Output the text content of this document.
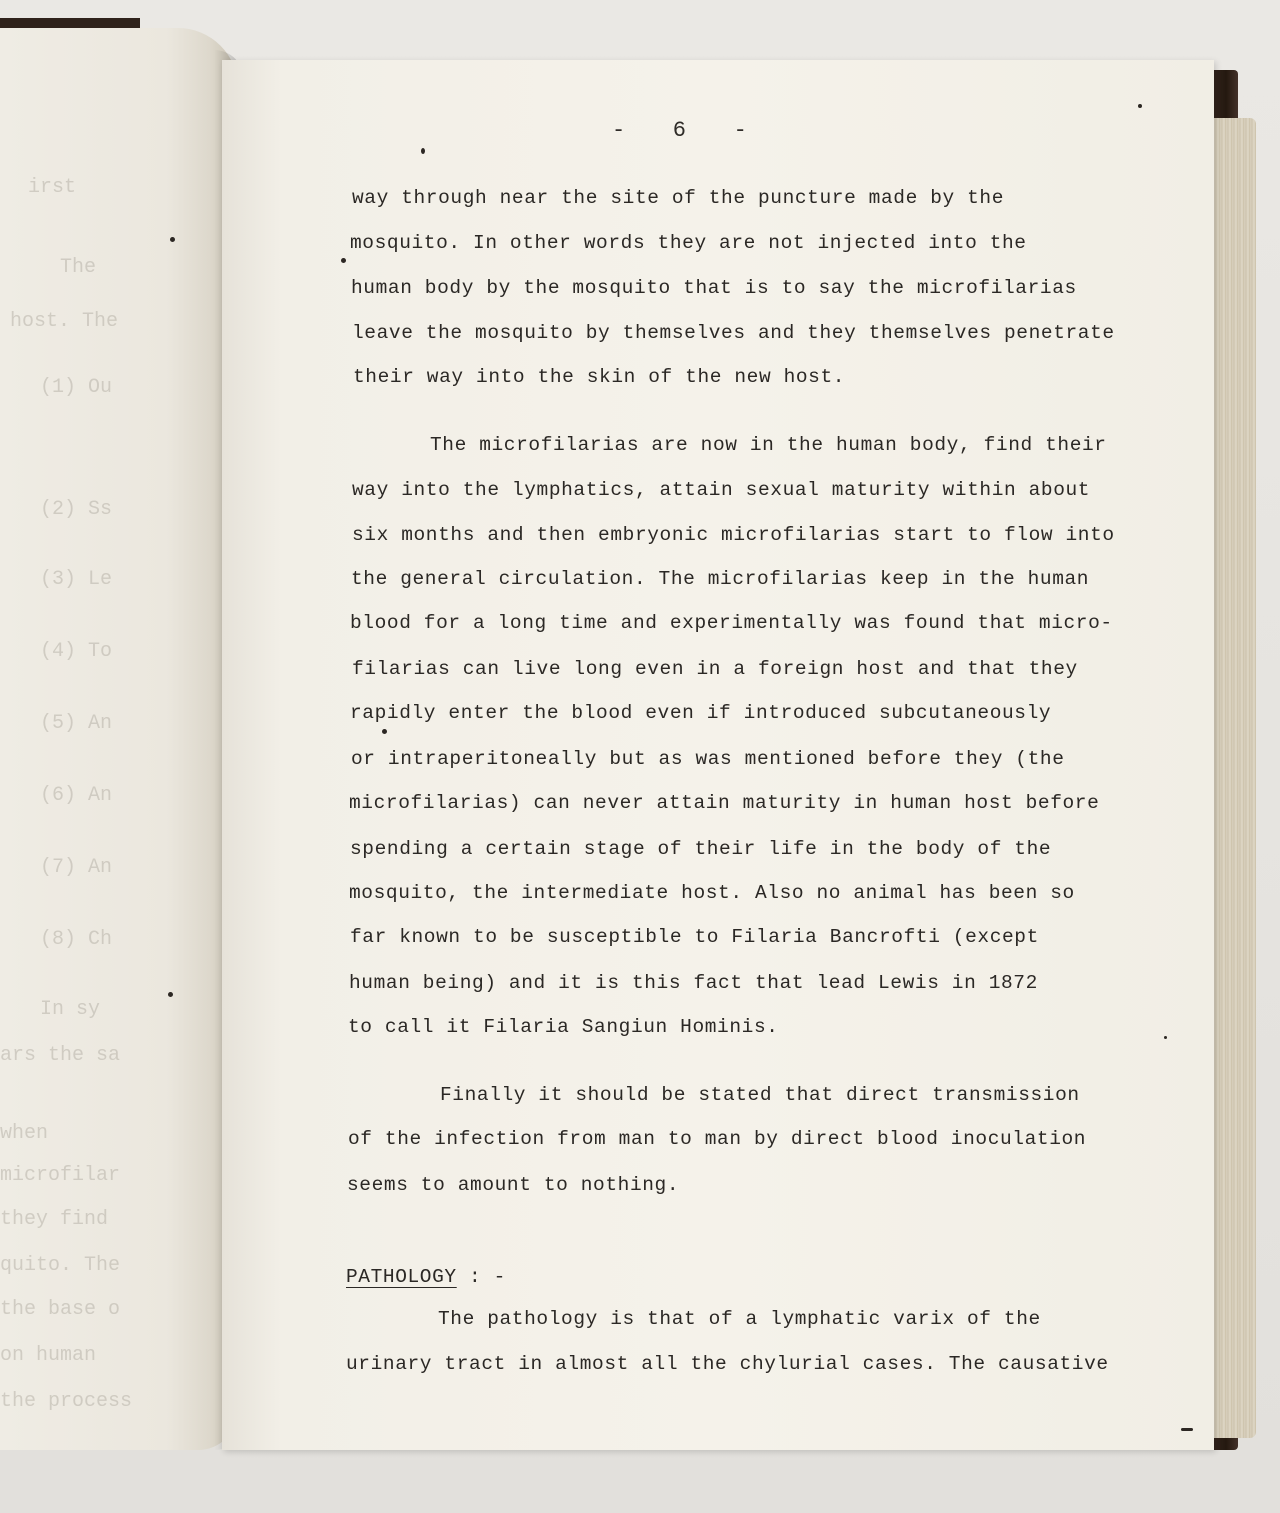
irst
The
host. The
(1) Ou
(2) Ss
(3) Le
(4) To
(5) An
(6) An
(7) An
(8) Ch
In sy
ars the sa
when
microfilar
they find
quito. The
the base o
on human
the process
-   6   -
way through near the site of the puncture made by the
mosquito. In other words they are not injected into the
human body by the mosquito that is to say the microfilarias
leave the mosquito by themselves and they themselves penetrate
their way into the skin of the new host.
The microfilarias are now in the human body, find their
way into the lymphatics, attain sexual maturity within about
six months and then embryonic microfilarias start to flow into
the general circulation. The microfilarias keep in the human
blood for a long time and experimentally was found that micro-
filarias can live long even in a foreign host and that they
rapidly enter the blood even if introduced subcutaneously
or intraperitoneally but as was mentioned before they (the
microfilarias) can never attain maturity in human host before
spending a certain stage of their life in the body of the
mosquito, the intermediate host. Also no animal has been so
far known to be susceptible to Filaria Bancrofti (except
human being) and it is this fact that lead Lewis in 1872
to call it Filaria Sangiun Hominis.
Finally it should be stated that direct transmission
of the infection from man to man by direct blood inoculation
seems to amount to nothing.
PATHOLOGY : -
The pathology is that of a lymphatic varix of the
urinary tract in almost all the chylurial cases. The causative
